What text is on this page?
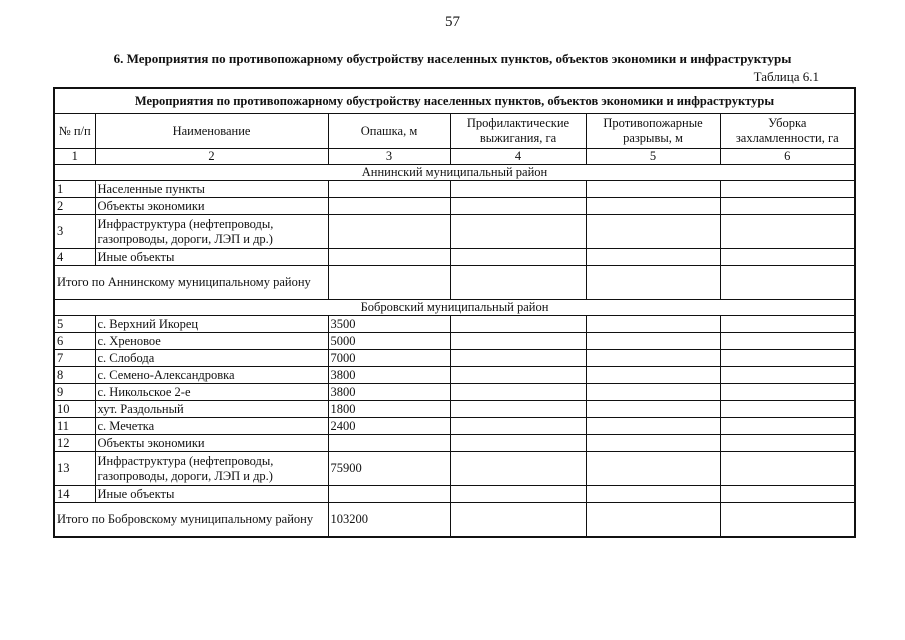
57
6. Мероприятия по противопожарному обустройству населенных пунктов, объектов экономики и инфраструктуры
Таблица 6.1
Мероприятия по противопожарному обустройству населенных пунктов, объектов экономики и инфраструктуры					
№ п/п	Наименование	Опашка, м	Профилактические выжигания, га	Противопожарные разрывы, м	Уборка захламленности, га
1	2	3	4	5	6
Аннинский муниципальный район					
1	Населенные пункты				
2	Объекты экономики				
3	Инфраструктура (нефтепроводы, газопроводы, дороги, ЛЭП и др.)				
4	Иные объекты				
Итого по Аннинскому муниципальному району					
Бобровский муниципальный район					
5	с. Верхний Икорец	3500			
6	с. Хреновое	5000			
7	с. Слобода	7000			
8	с. Семено-Александровка	3800			
9	с. Никольское 2-е	3800			
10	хут. Раздольный	1800			
11	с. Мечетка	2400			
12	Объекты экономики				
13	Инфраструктура (нефтепроводы, газопроводы, дороги, ЛЭП и др.)	75900			
14	Иные объекты				
Итого по Бобровскому муниципальному району		103200			
